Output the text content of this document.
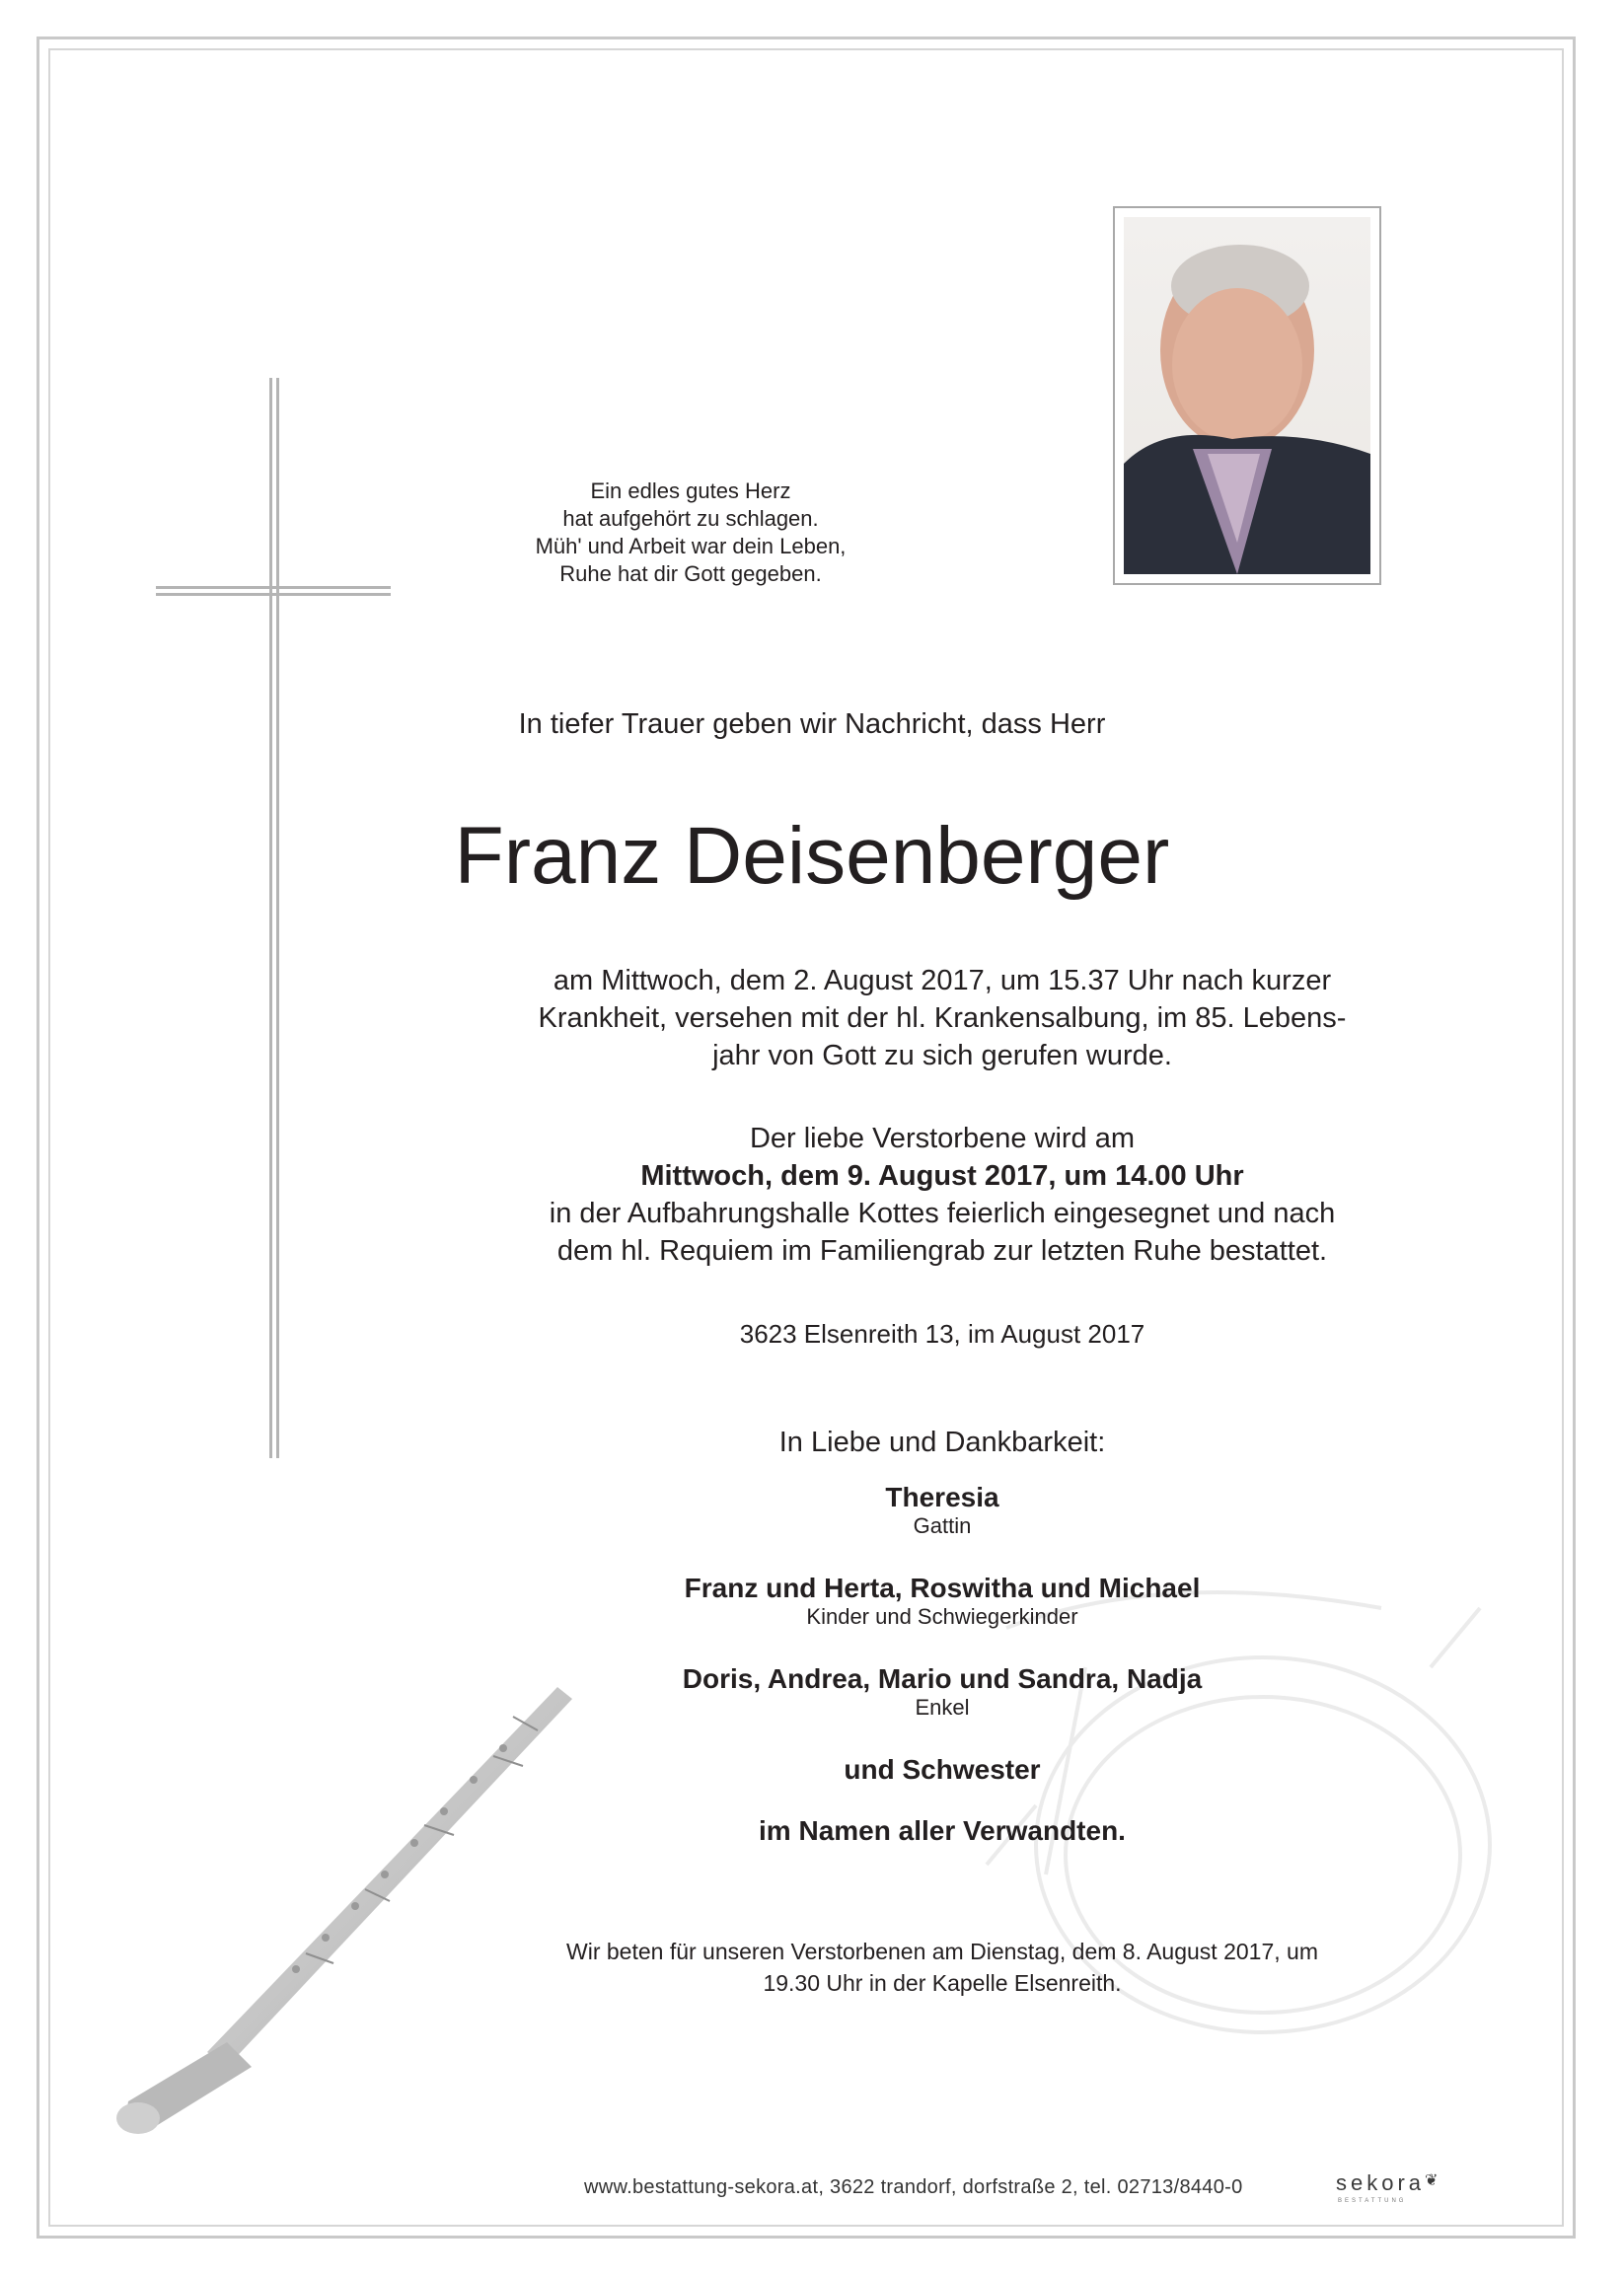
Ein edles gutes Herz
hat aufgehört zu schlagen.
Müh' und Arbeit war dein Leben,
Ruhe hat dir Gott gegeben.
In tiefer Trauer geben wir Nachricht, dass Herr
Franz Deisenberger
am Mittwoch, dem 2. August 2017, um 15.37 Uhr nach kurzer
Krankheit, versehen mit der hl. Krankensalbung, im 85. Lebens-
jahr von Gott zu sich gerufen wurde.
Der liebe Verstorbene wird am
Mittwoch, dem 9. August 2017, um 14.00 Uhr
in der Aufbahrungshalle Kottes feierlich eingesegnet und nach
dem hl. Requiem im Familiengrab zur letzten Ruhe bestattet.
3623 Elsenreith 13, im August 2017
In Liebe und Dankbarkeit:
Theresia
Gattin
Franz und Herta, Roswitha und Michael
Kinder und Schwiegerkinder
Doris, Andrea, Mario und Sandra, Nadja
Enkel
und Schwester
im Namen aller Verwandten.
Wir beten für unseren Verstorbenen am Dienstag, dem 8. August 2017, um
19.30 Uhr in der Kapelle Elsenreith.
www.bestattung-sekora.at, 3622 trandorf, dorfstraße 2, tel. 02713/8440-0	sekora❦
BESTATTUNG
